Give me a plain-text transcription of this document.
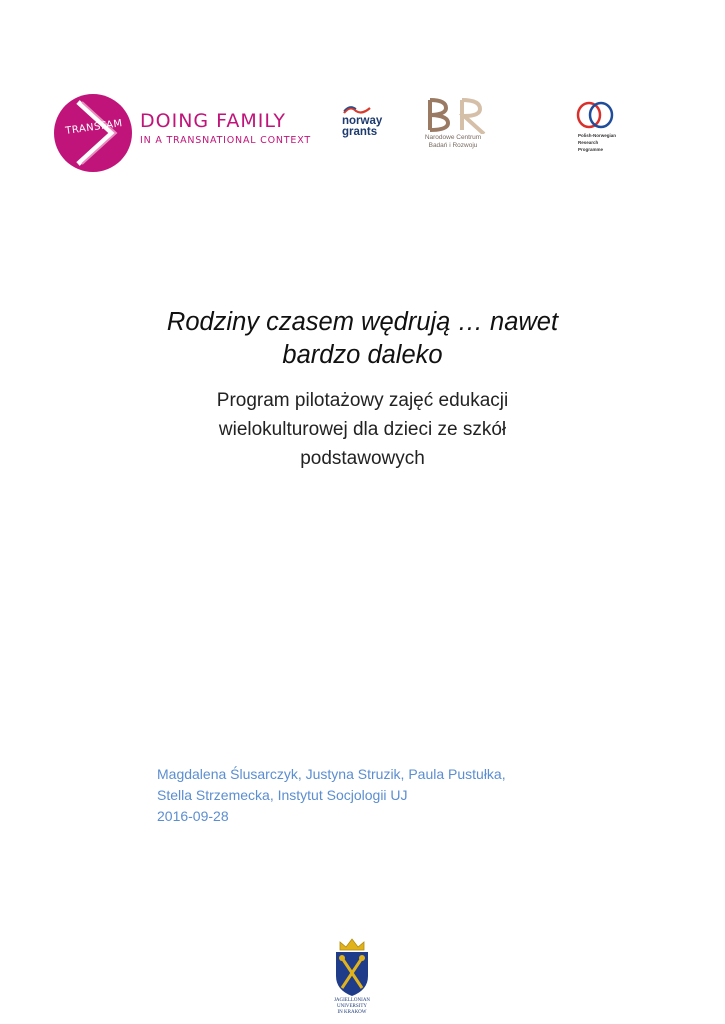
TRANSFAM DOING FAMILY
IN A TRANSNATIONAL CONTEXT
norway
grants	Narodowe Centrum
Badań i Rozwoju
Polish-Norwegian
Research
Programme
Rodziny czasem wędrują … nawet
bardzo daleko
Program pilotażowy zajęć edukacji
wielokulturowej dla dzieci ze szkół
podstawowych
Magdalena Ślusarczyk, Justyna Struzik, Paula Pustułka,
Stella Strzemecka, Instytut Socjologii UJ
2016-09-28
JAGIELLONIAN
UNIVERSITY
IN KRAKOW
